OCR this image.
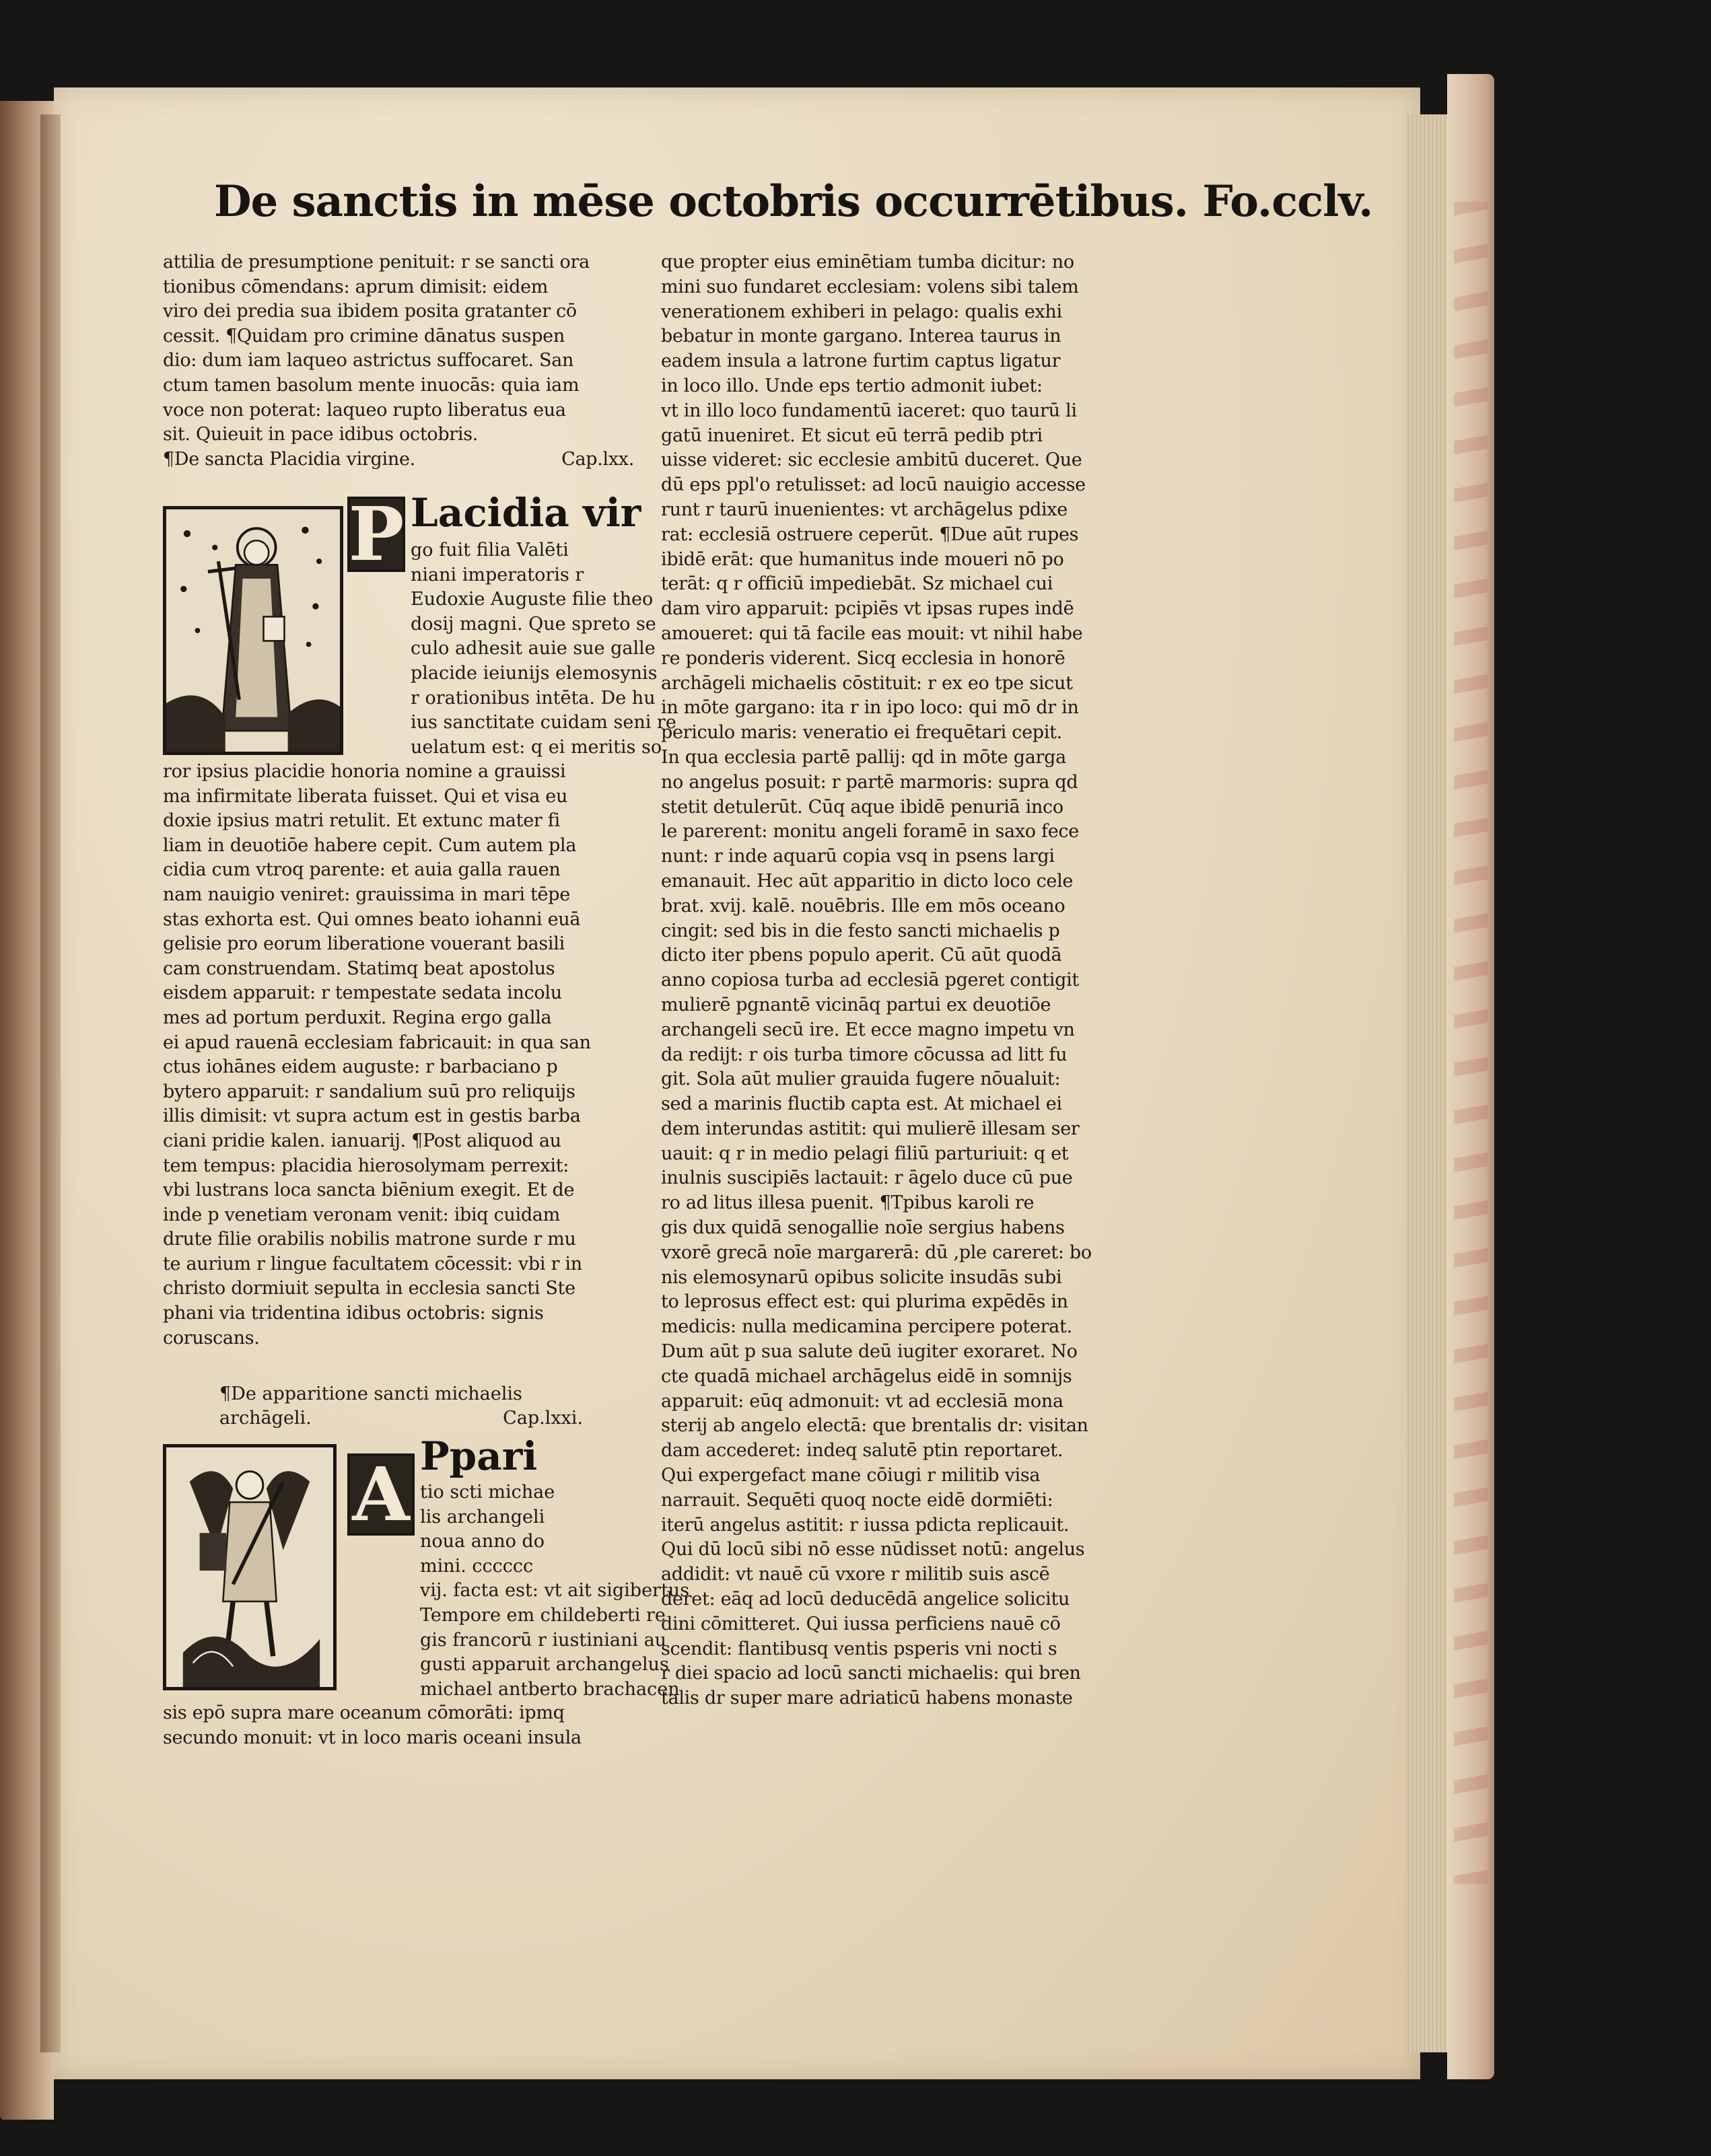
De sanctis in mēse octobris occurrētibus. Fo.cclv.
attilia de presumptione penituit: r se sancti ora
tionibus cōmendans: aprum dimisit: eidem
viro dei predia sua ibidem posita gratanter cō
cessit. ¶Quidam pro crimine dānatus suspen
dio: dum iam laqueo astrictus suffocaret. San
ctum tamen basolum mente inuocās: quia iam
voce non poterat: laqueo rupto liberatus eua
sit. Quieuit in pace idibus octobris.
¶De sancta Placidia virgine.	Cap.lxx.
P Lacidia vir
go fuit filia Valēti
niani imperatoris r
Eudoxie Auguste filie theo
dosij magni. Que spreto se
culo adhesit auie sue galle
placide ieiunijs elemosynis
r orationibus intēta. De hu
ius sanctitate cuidam seni re
uelatum est: q ei meritis so
ror ipsius placidie honoria nomine a grauissi
ma infirmitate liberata fuisset. Qui et visa eu
doxie ipsius matri retulit. Et extunc mater fi
liam in deuotiōe habere cepit. Cum autem pla
cidia cum vtroq parente: et auia galla rauen
nam nauigio veniret: grauissima in mari tēpe
stas exhorta est. Qui omnes beato iohanni euā
gelisie pro eorum liberatione vouerant basili
cam construendam. Statimq beat apostolus
eisdem apparuit: r tempestate sedata incolu
mes ad portum perduxit. Regina ergo galla
ei apud rauenā ecclesiam fabricauit: in qua san
ctus iohānes eidem auguste: r barbaciano p
bytero apparuit: r sandalium suū pro reliquijs
illis dimisit: vt supra actum est in gestis barba
ciani pridie kalen. ianuarij. ¶Post aliquod au
tem tempus: placidia hierosolymam perrexit:
vbi lustrans loca sancta biēnium exegit. Et de
inde p venetiam veronam venit: ibiq cuidam
drute filie orabilis nobilis matrone surde r mu
te aurium r lingue facultatem cōcessit: vbi r in
christo dormiuit sepulta in ecclesia sancti Ste
phani via tridentina idibus octobris: signis
coruscans.
¶De apparitione sancti michaelis
archāgeli.	Cap.lxxi.
A Ppari
tio scti michae
lis archangeli
noua anno do
mini. cccccc
vij. facta est: vt ait sigibertus
Tempore em childeberti re
gis francorū r iustiniani au
gusti apparuit archangelus
michael antberto brachacen
sis epō supra mare oceanum cōmorāti: ipmq
secundo monuit: vt in loco maris oceani insula
que propter eius eminētiam tumba dicitur: no
mini suo fundaret ecclesiam: volens sibi talem
venerationem exhiberi in pelago: qualis exhi
bebatur in monte gargano. Interea taurus in
eadem insula a latrone furtim captus ligatur
in loco illo. Unde eps tertio admonit iubet:
vt in illo loco fundamentū iaceret: quo taurū li
gatū inueniret. Et sicut eū terrā pedib ptri
uisse videret: sic ecclesie ambitū duceret. Que
dū eps ppl'o retulisset: ad locū nauigio accesse
runt r taurū inuenientes: vt archāgelus pdixe
rat: ecclesiā ostruere ceperūt. ¶Due aūt rupes
ibidē erāt: que humanitus inde moueri nō po
terāt: q r officiū impediebāt. Sz michael cui
dam viro apparuit: pcipiēs vt ipsas rupes indē
amoueret: qui tā facile eas mouit: vt nihil habe
re ponderis viderent. Sicq ecclesia in honorē
archāgeli michaelis cōstituit: r ex eo tpe sicut
in mōte gargano: ita r in ipo loco: qui mō dr in
periculo maris: veneratio ei frequētari cepit.
In qua ecclesia partē pallij: qd in mōte garga
no angelus posuit: r partē marmoris: supra qd
stetit detulerūt. Cūq aque ibidē penuriā inco
le parerent: monitu angeli foramē in saxo fece
nunt: r inde aquarū copia vsq in psens largi
emanauit. Hec aūt apparitio in dicto loco cele
brat. xvij. kalē. nouēbris. Ille em mōs oceano
cingit: sed bis in die festo sancti michaelis p
dicto iter pbens populo aperit. Cū aūt quodā
anno copiosa turba ad ecclesiā pgeret contigit
mulierē pgnantē vicināq partui ex deuotiōe
archangeli secū ire. Et ecce magno impetu vn
da redijt: r ois turba timore cōcussa ad litt fu
git. Sola aūt mulier grauida fugere nōualuit:
sed a marinis fluctib capta est. At michael ei
dem interundas astitit: qui mulierē illesam ser
uauit: q r in medio pelagi filiū parturiuit: q et
inulnis suscipiēs lactauit: r āgelo duce cū pue
ro ad litus illesa puenit. ¶Tpibus karoli re
gis dux quidā senogallie noīe sergius habens
vxorē grecā noīe margarerā: dū ,ple careret: bo
nis elemosynarū opibus solicite insudās subi
to leprosus effect est: qui plurima expēdēs in
medicis: nulla medicamina percipere poterat.
Dum aūt p sua salute deū iugiter exoraret. No
cte quadā michael archāgelus eidē in somnijs
apparuit: eūq admonuit: vt ad ecclesiā mona
sterij ab angelo electā: que brentalis dr: visitan
dam accederet: indeq salutē ptin reportaret.
Qui expergefact mane cōiugi r militib visa
narrauit. Sequēti quoq nocte eidē dormiēti:
iterū angelus astitit: r iussa pdicta replicauit.
Qui dū locū sibi nō esse nūdisset notū: angelus
addidit: vt nauē cū vxore r militib suis ascē
deret: eāq ad locū deducēdā angelice solicitu
dini cōmitteret. Qui iussa perficiens nauē cō
scendit: flantibusq ventis psperis vni nocti s
r diei spacio ad locū sancti michaelis: qui bren
talis dr super mare adriaticū habens monaste
